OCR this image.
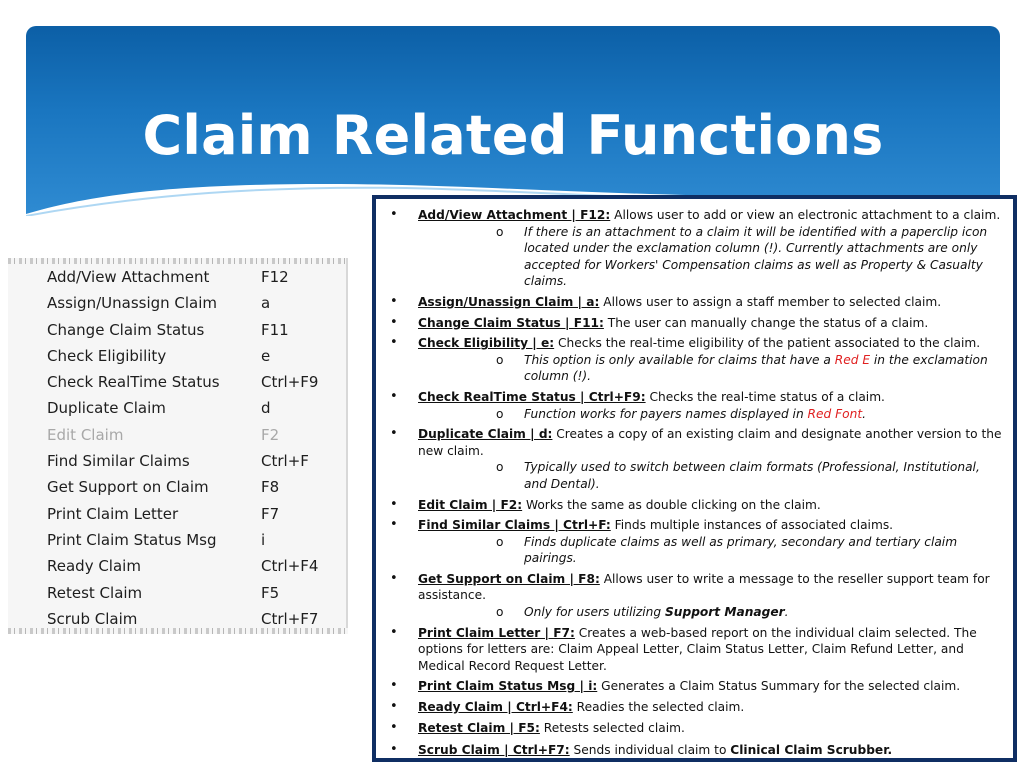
Claim Related Functions
Add/View Attachment	F12
Assign/Unassign Claim	a
Change Claim Status	F11
Check Eligibility	e
Check RealTime Status	Ctrl+F9
Duplicate Claim	d
Edit Claim	F2
Find Similar Claims	Ctrl+F
Get Support on Claim	F8
Print Claim Letter	F7
Print Claim Status Msg	i
Ready Claim	Ctrl+F4
Retest Claim	F5
Scrub Claim	Ctrl+F7
• Add/View Attachment | F12: Allows user to add or view an electronic attachment to a claim.
o If there is an attachment to a claim it will be identified with a paperclip icon located under the exclamation column (!). Currently attachments are only accepted for Workers' Compensation claims as well as Property & Casualty claims.
• Assign/Unassign Claim | a: Allows user to assign a staff member to selected claim.
• Change Claim Status | F11: The user can manually change the status of a claim.
• Check Eligibility | e: Checks the real-time eligibility of the patient associated to the claim.
o This option is only available for claims that have a Red E in the exclamation column (!).
• Check RealTime Status | Ctrl+F9: Checks the real-time status of a claim.
o Function works for payers names displayed in Red Font.
• Duplicate Claim | d: Creates a copy of an existing claim and designate another version to the new claim.
o Typically used to switch between claim formats (Professional, Institutional, and Dental).
• Edit Claim | F2: Works the same as double clicking on the claim.
• Find Similar Claims | Ctrl+F: Finds multiple instances of associated claims.
o Finds duplicate claims as well as primary, secondary and tertiary claim pairings.
• Get Support on Claim | F8: Allows user to write a message to the reseller support team for assistance.
o Only for users utilizing Support Manager.
• Print Claim Letter | F7: Creates a web-based report on the individual claim selected. The options for letters are: Claim Appeal Letter, Claim Status Letter, Claim Refund Letter, and Medical Record Request Letter.
• Print Claim Status Msg | i: Generates a Claim Status Summary for the selected claim.
• Ready Claim | Ctrl+F4: Readies the selected claim.
• Retest Claim | F5: Retests selected claim.
• Scrub Claim | Ctrl+F7: Sends individual claim to Clinical Claim Scrubber.
